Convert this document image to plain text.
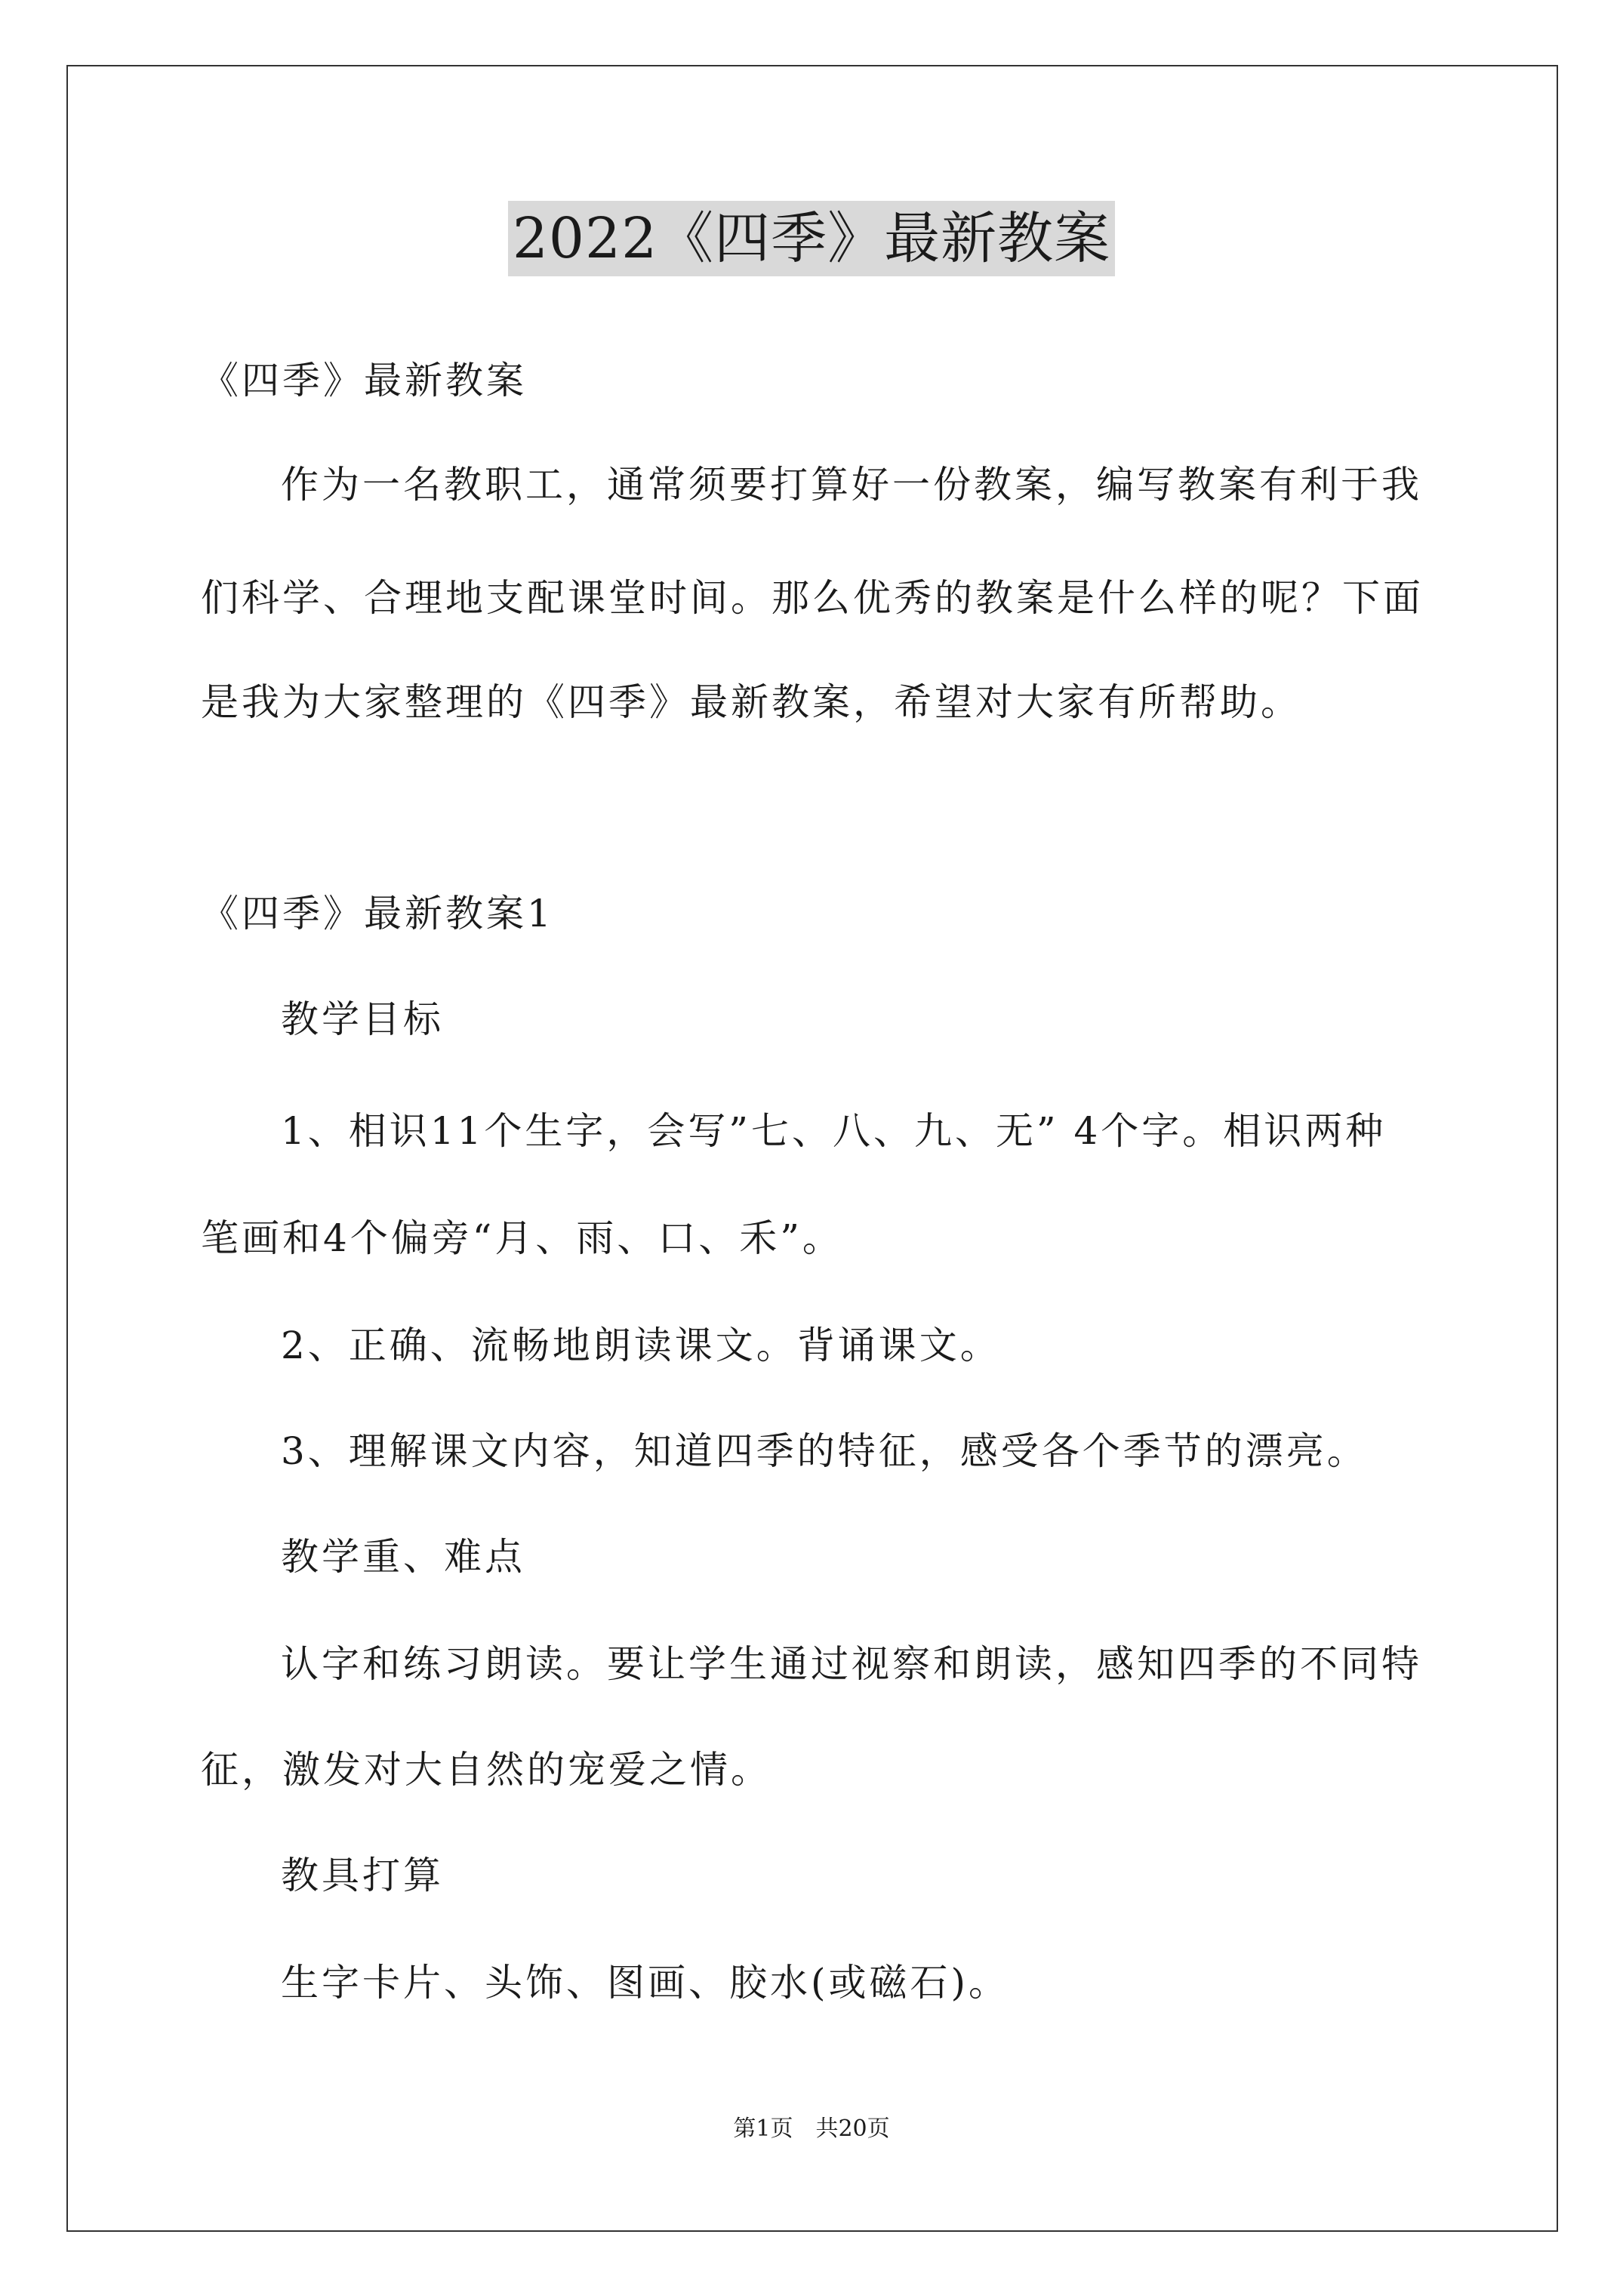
2022《四季》最新教案
《四季》最新教案
作为一名教职工，通常须要打算好一份教案，编写教案有利于我
们科学、合理地支配课堂时间。那么优秀的教案是什么样的呢？下面
是我为大家整理的《四季》最新教案，希望对大家有所帮助。
《四季》最新教案1
教学目标
1、相识11个生字，会写”七、八、九、无” 4个字。相识两种
笔画和4个偏旁“月、雨、口、禾”。
2、正确、流畅地朗读课文。背诵课文。
3、理解课文内容，知道四季的特征，感受各个季节的漂亮。
教学重、难点
认字和练习朗读。要让学生通过视察和朗读，感知四季的不同特
征，激发对大自然的宠爱之情。
教具打算
生字卡片、头饰、图画、胶水(或磁石)。
第1页　共20页
